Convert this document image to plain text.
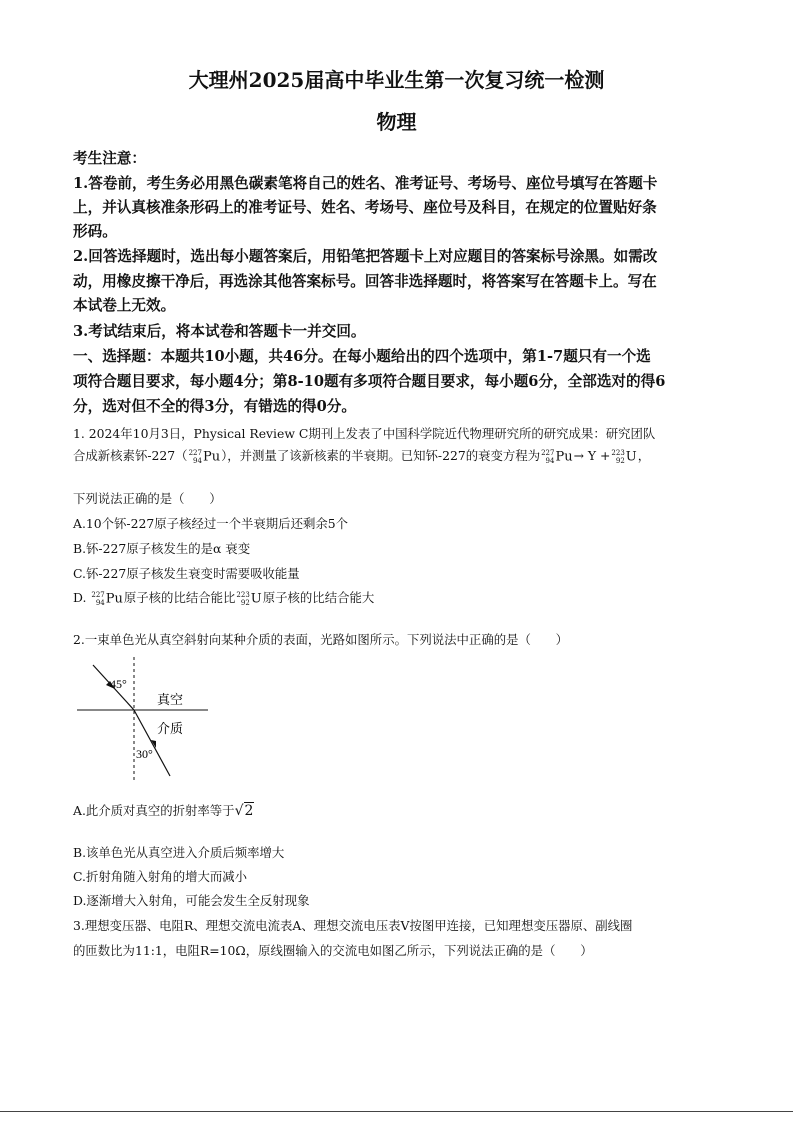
大理州2025届高中毕业生第一次复习统一检测
物理
考生注意：
1.答卷前，考生务必用黑色碳素笔将自己的姓名、准考证号、考场号、座位号填写在答题卡
上，并认真核准条形码上的准考证号、姓名、考场号、座位号及科目，在规定的位置贴好条
形码。
2.回答选择题时，选出每小题答案后，用铅笔把答题卡上对应题目的答案标号涂黑。如需改
动，用橡皮擦干净后，再选涂其他答案标号。回答非选择题时，将答案写在答题卡上。写在
本试卷上无效。
3.考试结束后，将本试卷和答题卡一并交回。
一、选择题：本题共10小题，共46分。在每小题给出的四个选项中，第1-7题只有一个选
项符合题目要求，每小题4分；第8-10题有多项符合题目要求，每小题6分，全部选对的得6
分，选对但不全的得3分，有错选的得0分。
1. 2024年10月3日，Physical Review C期刊上发表了中国科学院近代物理研究所的研究成果：研究团队
合成新核素钚-227（227
94Pu），并测量了该新核素的半衰期。已知钚-227的衰变方程为227
94Pu→ Y +223
92U，
下列说法正确的是（　　）
A.10个钚-227原子核经过一个半衰期后还剩余5个
B.钚-227原子核发生的是α 衰变
C.钚-227原子核发生衰变时需要吸收能量
D. 227
94Pu原子核的比结合能比223
92U原子核的比结合能大
2.一束单色光从真空斜射向某种介质的表面，光路如图所示。下列说法中正确的是（　　）
45°
30°
真空
介质
A.此介质对真空的折射率等于√2
B.该单色光从真空进入介质后频率增大
C.折射角随入射角的增大而减小
D.逐渐增大入射角，可能会发生全反射现象
3.理想变压器、电阻R、理想交流电流表A、理想交流电压表V按图甲连接，已知理想变压器原、副线圈
的匝数比为11:1，电阻R=10Ω，原线圈输入的交流电如图乙所示，下列说法正确的是（　　）
